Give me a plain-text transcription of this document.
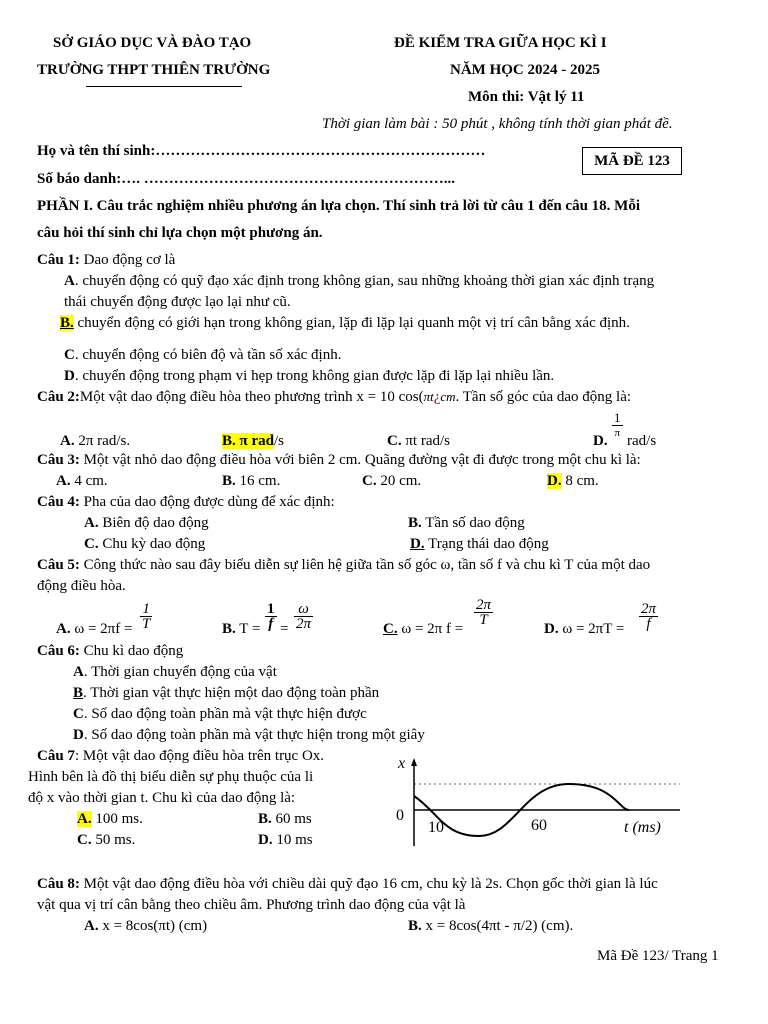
SỞ GIÁO DỤC VÀ ĐÀO TẠO
TRƯỜNG THPT THIÊN TRƯỜNG
ĐỀ KIỂM TRA GIỮA HỌC KÌ I
NĂM HỌC 2024 - 2025
Môn thi: Vật lý 11
Thời gian làm bài : 50 phút , không tính thời gian phát đề.
Họ và tên thí sinh:…………………………………………………………
Số báo danh:…. ……………………………………………………...
MÃ ĐỀ 123
PHẦN I. Câu trắc nghiệm nhiều phương án lựa chọn. Thí sinh trả lời từ câu 1 đến câu 18. Mỗi
câu hỏi thí sinh chỉ lựa chọn một phương án.
Câu 1: Dao động cơ là
A. chuyển động có quỹ đạo xác định trong không gian, sau những khoảng thời gian xác định trạng
thái chuyển động được lạo lại như cũ.
B. chuyển động có giới hạn trong không gian, lặp đi lặp lại quanh một vị trí cân bằng xác định.
C. chuyển động có biên độ và tần số xác định.
D. chuyển động trong phạm vi hẹp trong không gian được lặp đi lặp lại nhiều lần.
Câu 2:Một vật dao động điều hòa theo phương trình x = 10 cos(πt¿cm. Tần số góc của dao động là:
A. 2π rad/s.	B. π rad/s	C. πt rad/s	D.
1
π rad/s
Câu 3: Một vật nhỏ dao động điều hòa với biên 2 cm. Quãng đường vật đi được trong một chu kì là:
A. 4 cm.	B. 16 cm.	C. 20 cm.	D. 8 cm.
Câu 4: Pha của dao động được dùng để xác định:
A. Biên độ dao động	B. Tần số dao động
C. Chu kỳ dao động	D. Trạng thái dao động
Câu 5: Công thức nào sau đây biểu diễn sự liên hệ giữa tần số góc ω, tần số f và chu kì T của một dao
động điều hòa.
A. $\omega = 2\pi f = \frac{1}{T}$	B. $T = \frac{1}{f} = \frac{\omega}{2\pi}$	C. ω = 2π f =
$\frac{2\pi}{T}$
D. $\omega = 2\pi T = \frac{2\pi}{f}$
Câu 6: Chu kì dao động
A. Thời gian chuyển động của vật
B. Thời gian vật thực hiện một dao động toàn phần
C. Số dao động toàn phần mà vật thực hiện được
D. Số dao động toàn phần mà vật thực hiện trong một giây
Câu 7: Một vật dao động điều hòa trên trục Ox.
Hình bên là đồ thị biểu diễn sự phụ thuộc của li
độ x vào thời gian t. Chu kì của dao động là:
A. 100 ms.	B. 60 ms
C. 50 ms.	D. 10 ms
x
0
10	60	t (ms)
Câu 8: Một vật dao động điều hòa với chiều dài quỹ đạo 16 cm, chu kỳ là 2s. Chọn gốc thời gian là lúc
vật qua vị trí cân bằng theo chiều âm. Phương trình dao động của vật là
A. x = 8cos(πt) (cm)	B. x = 8cos(4πt - π/2) (cm).
Mã Đề 123/ Trang 1
